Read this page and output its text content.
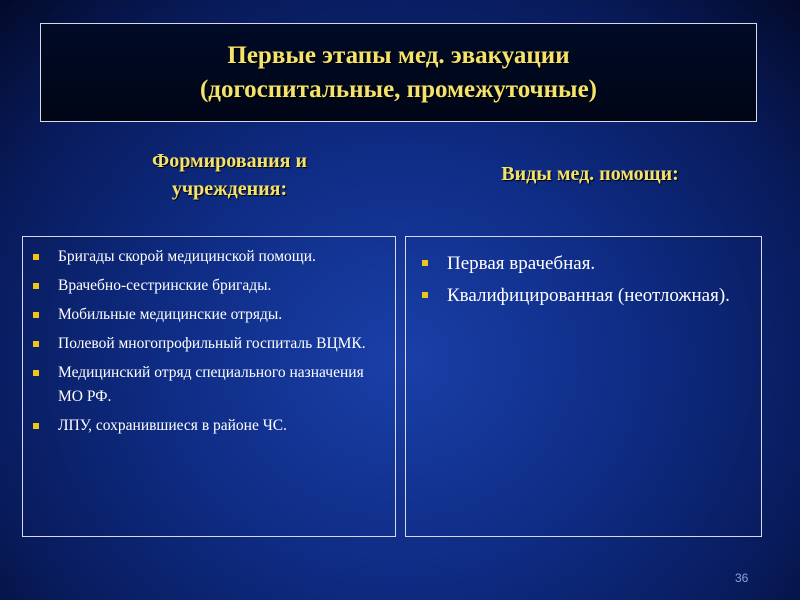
Первые этапы мед. эвакуации
(догоспитальные, промежуточные)
Формирования и
учреждения:
Виды мед. помощи:
Бригады скорой медицинской помощи.
Врачебно-сестринские бригады.
Мобильные медицинские отряды.
Полевой многопрофильный госпиталь ВЦМК.
Медицинский отряд специального назначения МО РФ.
ЛПУ, сохранившиеся в районе ЧС.
Первая врачебная.
Квалифицированная (неотложная).
36
